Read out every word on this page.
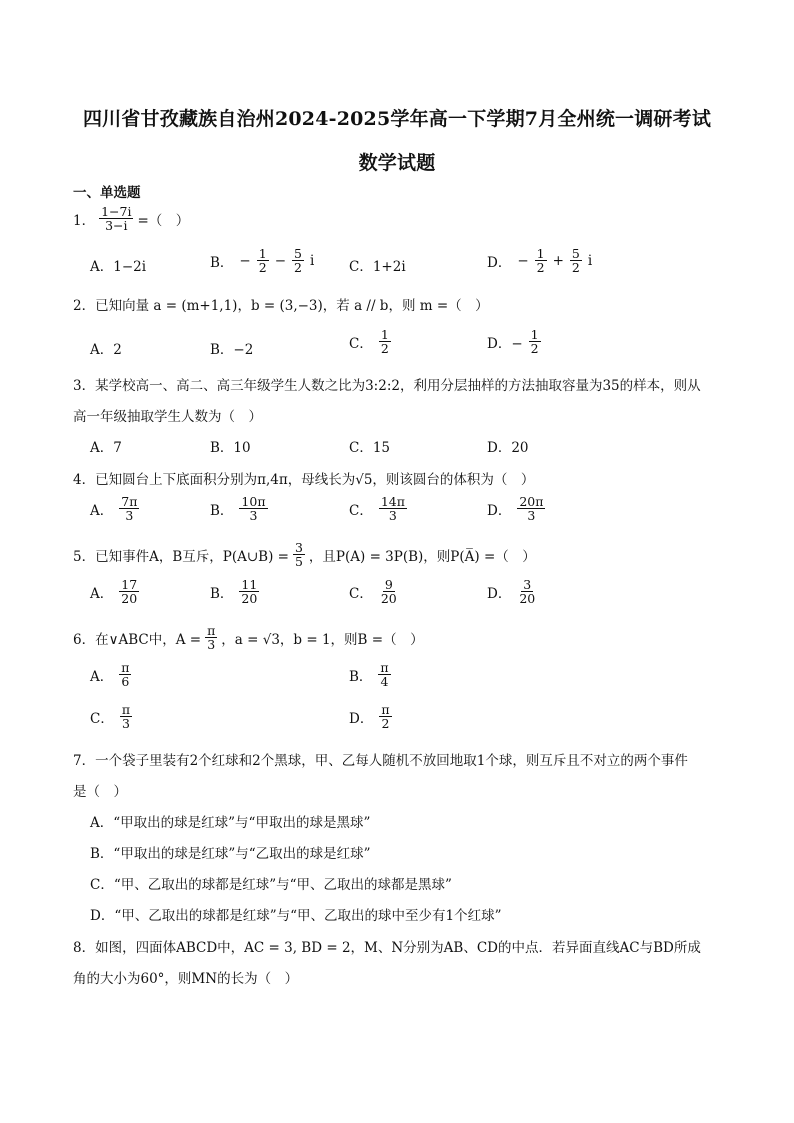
四川省甘孜藏族自治州2024-2025学年高一下学期7月全州统一调研考试
数学试题
一、单选题
1． $\frac{1-7i}{3-i}$ =（　）
A．1−2i	B． − $\frac{1}{2} - \frac{5}{2}$ i	C．1+2i	D． − $\frac{1}{2} + \frac{5}{2}$ i
2．已知向量 a = (m+1,1)，b = (3,−3)，若 a // b，则 m =（　）
A．2	B．−2	C． $\frac{1}{2}$	D．− $\frac{1}{2}$
3．某学校高一、高二、高三年级学生人数之比为3:2:2，利用分层抽样的方法抽取容量为35的样本，则从
高一年级抽取学生人数为（　）
A．7	B．10	C．15	D．20
4．已知圆台上下底面积分别为π,4π，母线长为√5，则该圆台的体积为（　）
A． $\frac{7\pi}{3}$	B． $\frac{10\pi}{3}$	C． $\frac{14\pi}{3}$	D． $\frac{20\pi}{3}$
5．已知事件A，B互斥，P(A∪B) = $\frac{3}{5}$ ，且P(A) = 3P(B)，则P(A̅) =（　）
A． $\frac{17}{20}$	B． $\frac{11}{20}$	C． $\frac{9}{20}$	D． $\frac{3}{20}$
6．在∨ABC中，$A = \frac{\pi}{3}$ ，a = √3，b = 1，则B =（　）
A． $\frac{\pi}{6}$	B． $\frac{\pi}{4}$
C． $\frac{\pi}{3}$	D． $\frac{\pi}{2}$
7．一个袋子里装有2个红球和2个黑球，甲、乙每人随机不放回地取1个球，则互斥且不对立的两个事件
是（　）
A．“甲取出的球是红球”与“甲取出的球是黑球”
B．“甲取出的球是红球”与“乙取出的球是红球”
C．“甲、乙取出的球都是红球”与“甲、乙取出的球都是黑球”
D．“甲、乙取出的球都是红球”与“甲、乙取出的球中至少有1个红球”
8．如图，四面体ABCD中，AC = 3, BD = 2，M、N分别为AB、CD的中点．若异面直线AC与BD所成
角的大小为60°，则MN的长为（　）
